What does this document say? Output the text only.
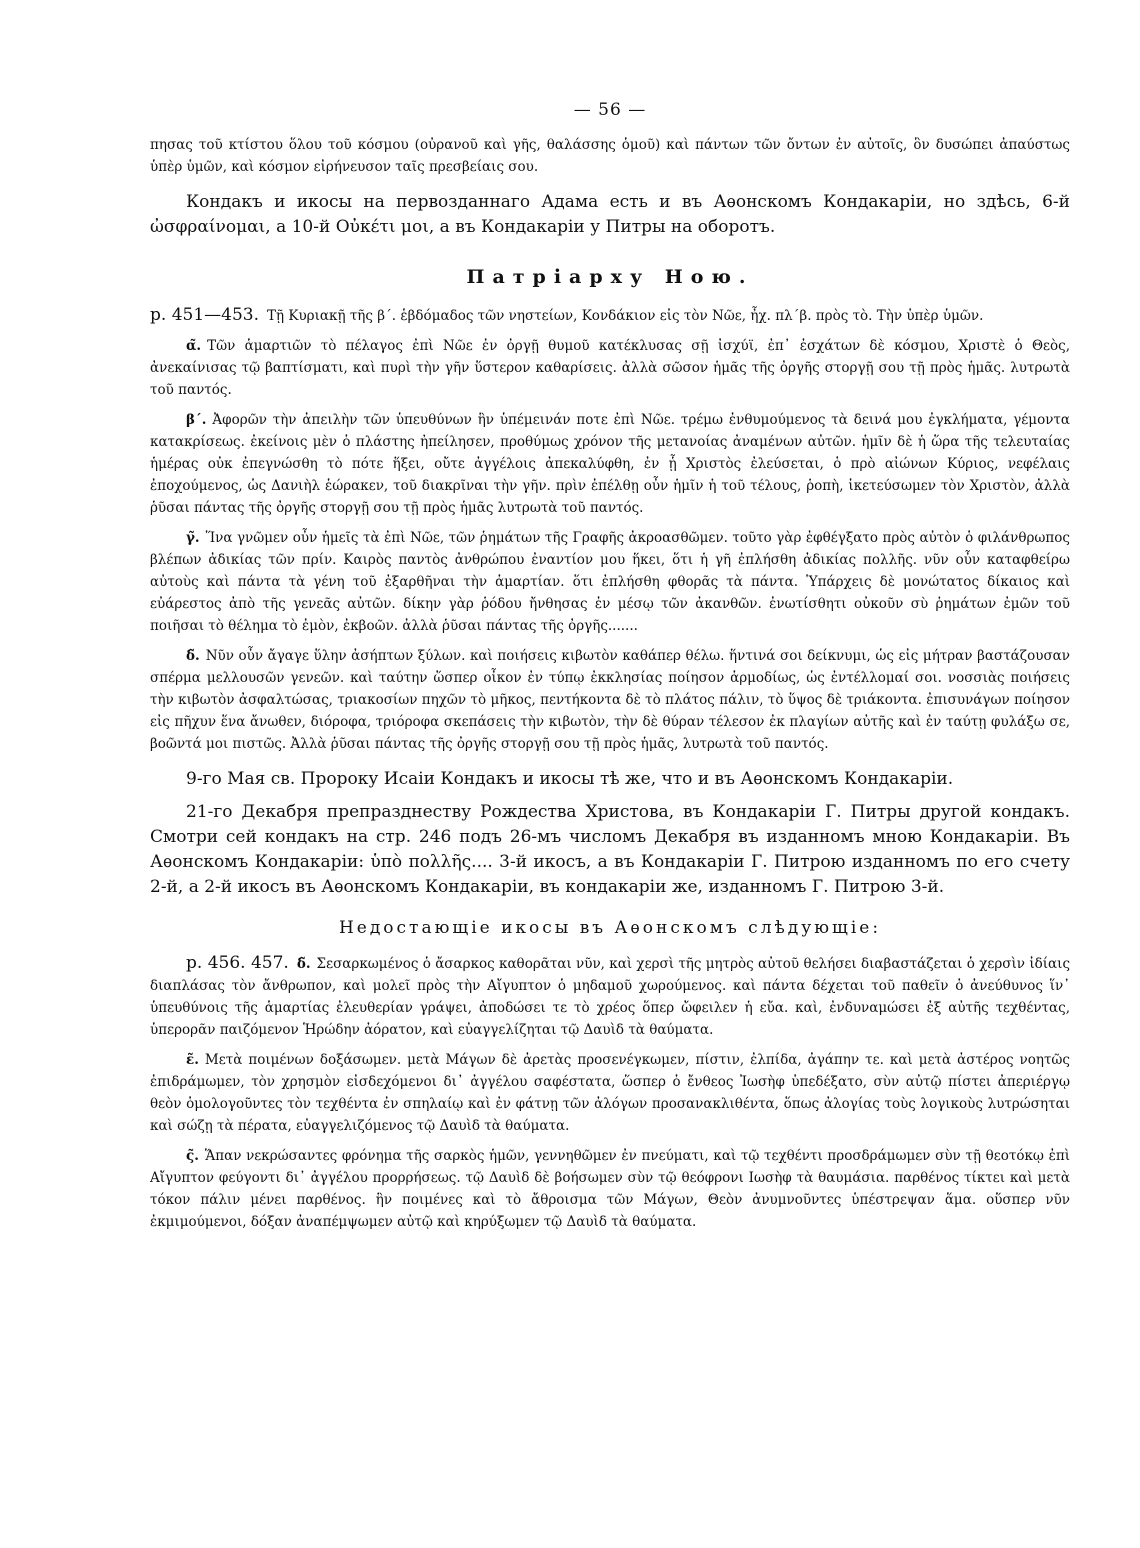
— 56 —

πησας τοῦ κτίστου ὅλου τοῦ κόσμου (οὐρανοῦ καὶ γῆς, θαλάσσης ὁμοῦ) καὶ πάντων τῶν ὄντων ἐν αὐτοῖς, ὃν δυσώπει ἀπαύστως ὑπὲρ ὑμῶν, καὶ κόσμον εἰρήνευσον ταῖς πρεσβείαις σου.

Кондакъ и икосы на первозданнаго Адама есть и въ Аѳонскомъ Кондакаріи, но здѣсь, 6-й ὠσφραίνομαι, а 10-й Οὐκέτι μοι, а въ Кондакаріи у Питры на оборотъ.

Патріарху Ною.

р. 451—453. Τῇ Κυριακῇ τῆς β΄. ἑβδόμαδος τῶν νηστείων, Κονδάκιον εἰς τὸν Νῶε, ἦχ. πλ΄β. πρὸς τὸ. Τὴν ὑπὲρ ὑμῶν.

α̃. Τῶν ἁμαρτιῶν τὸ πέλαγος ἐπὶ Νῶε ἐν ὀργῇ θυμοῦ κατέκλυσας σῇ ἰσχύϊ, ἐπ᾽ ἐσχάτων δὲ κόσμου, Χριστὲ ὁ Θεὸς, ἀνεκαίνισας τῷ βαπτίσματι, καὶ πυρὶ τὴν γῆν ὕστερον καθαρίσεις. ἀλλὰ σῶσον ἡμᾶς τῆς ὀργῆς στοργῇ σου τῇ πρὸς ἡμᾶς. λυτρωτὰ τοῦ παντός.

β΄. Ἀφορῶν τὴν ἀπειλὴν τῶν ὑπευθύνων ἣν ὑπέμεινάν ποτε ἐπὶ Νῶε. τρέμω ἐνθυμούμενος τὰ δεινά μου ἐγκλήματα, γέμοντα κατακρίσεως. ἐκείνοις μὲν ὁ πλάστης ἠπείλησεν, προθύμως χρόνον τῆς μετανοίας ἀναμένων αὐτῶν. ἡμῖν δὲ ἡ ὥρα τῆς τελευταίας ἡμέρας οὐκ ἐπεγνώσθη τὸ πότε ἥξει, οὔτε ἀγγέλοις ἀπεκαλύφθη, ἐν ᾗ Χριστὸς ἐλεύσεται, ὁ πρὸ αἰώνων Κύριος, νεφέλαις ἐποχούμενος, ὡς Δανιὴλ ἑώρακεν, τοῦ διακρῖναι τὴν γῆν. πρὶν ἐπέλθῃ οὖν ἡμῖν ἡ τοῦ τέλους, ῥοπὴ, ἱκετεύσωμεν τὸν Χριστὸν, ἀλλὰ ῥῦσαι πάντας τῆς ὀργῆς στοργῇ σου τῇ πρὸς ἡμᾶς λυτρωτὰ τοῦ παντός.

γ̃. Ἵνα γνῶμεν οὖν ἡμεῖς τὰ ἐπὶ Νῶε, τῶν ῥημάτων τῆς Γραφῆς ἀκροασθῶμεν. τοῦτο γὰρ ἐφθέγξατο πρὸς αὐτὸν ὁ φιλάνθρωπος βλέπων ἀδικίας τῶν πρίν. Καιρὸς παντὸς ἀνθρώπου ἐναντίον μου ἥκει, ὅτι ἡ γῆ ἐπλήσθη ἀδικίας πολλῆς. νῦν οὖν καταφθείρω αὐτοὺς καὶ πάντα τὰ γένη τοῦ ἐξαρθῆναι τὴν ἁμαρτίαν. ὅτι ἐπλήσθη φθορᾶς τὰ πάντα. Ὑπάρχεις δὲ μονώτατος δίκαιος καὶ εὐάρεστος ἀπὸ τῆς γενεᾶς αὐτῶν. δίκην γὰρ ῥόδου ἤνθησας ἐν μέσῳ τῶν ἀκανθῶν. ἐνωτίσθητι οὐκοῦν σὺ ῥημάτων ἐμῶν τοῦ ποιῆσαι τὸ θέλημα τὸ ἐμὸν, ἐκβοῶν. ἀλλὰ ῥῦσαι πάντας τῆς ὀργῆς.......

δ̃. Νῦν οὖν ἄγαγε ὕλην ἀσήπτων ξύλων. καὶ ποιήσεις κιβωτὸν καθάπερ θέλω. ἥντινά σοι δείκνυμι, ὡς εἰς μήτραν βαστάζουσαν σπέρμα μελλουσῶν γενεῶν. καὶ ταύτην ὥσπερ οἶκον ἐν τύπῳ ἐκκλησίας ποίησον ἁρμοδίως, ὡς ἐντέλλομαί σοι. νοσσιὰς ποιήσεις τὴν κιβωτὸν ἀσφαλτώσας, τριακοσίων πηχῶν τὸ μῆκος, πεντήκοντα δὲ τὸ πλάτος πάλιν, τὸ ὕψος δὲ τριάκοντα. ἐπισυνάγων ποίησον εἰς πῆχυν ἕνα ἄνωθεν, διόροφα, τριόροφα σκεπάσεις τὴν κιβωτὸν, τὴν δὲ θύραν τέλεσον ἐκ πλαγίων αὐτῆς καὶ ἐν ταύτῃ φυλάξω σε, βοῶντά μοι πιστῶς. Ἀλλὰ ῥῦσαι πάντας τῆς ὀργῆς στοργῇ σου τῇ πρὸς ἡμᾶς, λυτρωτὰ τοῦ παντός.

9-го Мая св. Пророку Исаіи Кондакъ и икосы тѣ же, что и въ Аѳонскомъ Кондакаріи.

21-го Декабря препразднеству Рождества Христова, въ Кондакаріи Г. Питры другой кондакъ. Смотри сей кондакъ на стр. 246 подъ 26-мъ числомъ Декабря въ изданномъ мною Кондакаріи. Въ Аѳонскомъ Кондакаріи: ὑπὸ πολλῆς.... 3-й икосъ, а въ Кондакаріи Г. Питрою изданномъ по его счету 2-й, а 2-й икосъ въ Аѳонскомъ Кондакаріи, въ кондакаріи же, изданномъ Г. Питрою 3-й.

Недостающіе икосы въ Аѳонскомъ слѣдующіе:

р. 456. 457. δ̃. Σεσαρκωμένος ὁ ἄσαρκος καθορᾶται νῦν, καὶ χερσὶ τῆς μητρὸς αὐτοῦ θελήσει διαβαστάζεται ὁ χερσὶν ἰδίαις διαπλάσας τὸν ἄνθρωπον, καὶ μολεῖ πρὸς τὴν Αἴγυπτον ὁ μηδαμοῦ χωρούμενος. καὶ πάντα δέχεται τοῦ παθεῖν ὁ ἀνεύθυνος ἵν᾽ ὑπευθύνοις τῆς ἁμαρτίας ἐλευθερίαν γράψει, ἀποδώσει τε τὸ χρέος ὅπερ ὤφειλεν ἡ εὔα. καὶ, ἐνδυναμώσει ἐξ αὐτῆς τεχθέντας, ὑπερορᾶν παιζόμενον Ἡρώδην ἀόρατον, καὶ εὐαγγελίζηται τῷ Δαυὶδ τὰ θαύματα.

ε̃. Μετὰ ποιμένων δοξάσωμεν. μετὰ Μάγων δὲ ἀρετὰς προσενέγκωμεν, πίστιν, ἐλπίδα, ἀγάπην τε. καὶ μετὰ ἀστέρος νοητῶς ἐπιδράμωμεν, τὸν χρησμὸν εἰσδεχόμενοι δι᾽ ἀγγέλου σαφέστατα, ὥσπερ ὁ ἔνθεος Ἰωσὴφ ὑπεδέξατο, σὺν αὐτῷ πίστει ἀπεριέργῳ θεὸν ὁμολογοῦντες τὸν τεχθέντα ἐν σπηλαίῳ καὶ ἐν φάτνῃ τῶν ἀλόγων προσανακλιθέντα, ὅπως ἀλογίας τοὺς λογικοὺς λυτρώσηται καὶ σώζῃ τὰ πέρατα, εὐαγγελιζόμενος τῷ Δαυὶδ τὰ θαύματα.

ς̃. Ἅπαν νεκρώσαντες φρόνημα τῆς σαρκὸς ἡμῶν, γεννηθῶμεν ἐν πνεύματι, καὶ τῷ τεχθέντι προσδράμωμεν σὺν τῇ θεοτόκῳ ἐπὶ Αἴγυπτον φεύγοντι δι᾽ ἀγγέλου προρρήσεως. τῷ Δαυὶδ δὲ βοήσωμεν σὺν τῷ θεόφρονι Ιωσὴφ τὰ θαυμάσια. παρθένος τίκτει καὶ μετὰ τόκον πάλιν μένει παρθένος. ἣν ποιμένες καὶ τὸ ἄθροισμα τῶν Μάγων, Θεὸν ἀνυμνοῦντες ὑπέστρεψαν ἅμα. οὕσπερ νῦν ἐκμιμούμενοι, δόξαν ἀναπέμψωμεν αὐτῷ καὶ κηρύξωμεν τῷ Δαυὶδ τὰ θαύματα.
